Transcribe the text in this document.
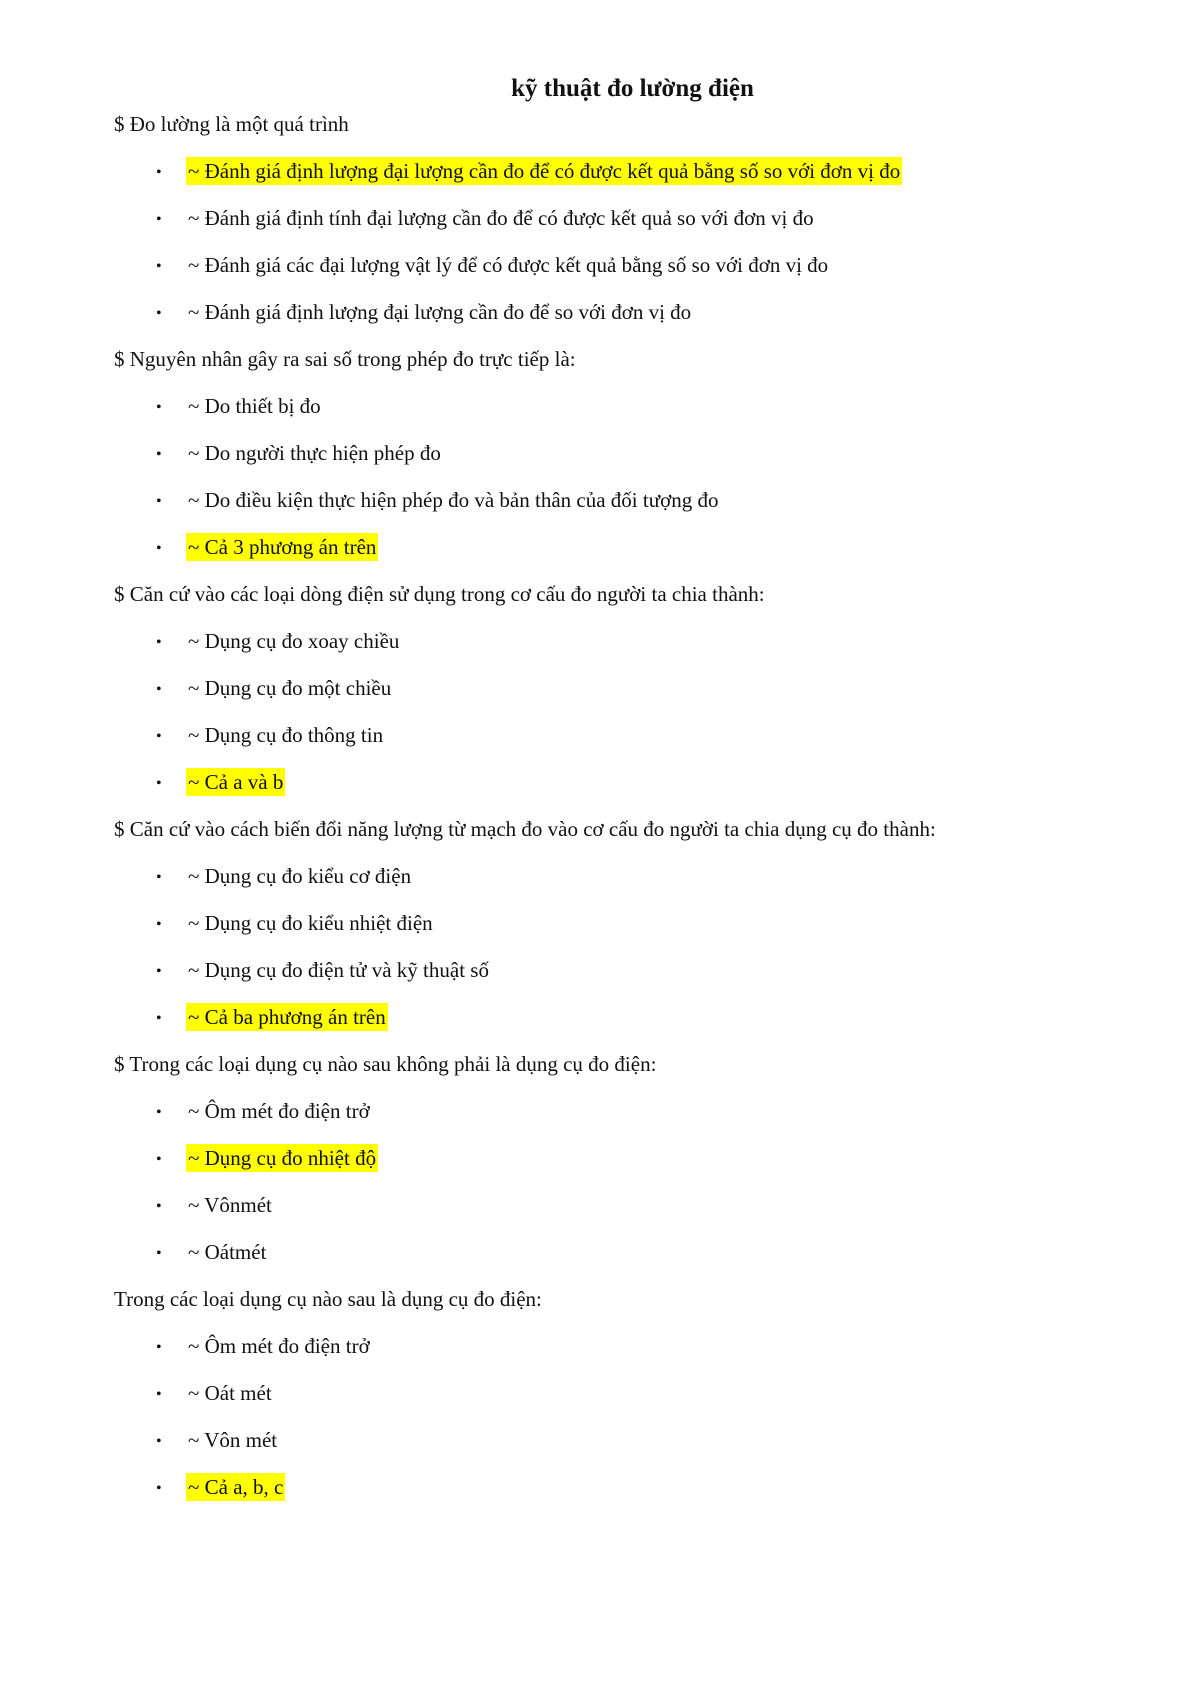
kỹ thuật đo lường điện

$ Đo lường là một quá trình

• ~ Đánh giá định lượng đại lượng cần đo để có được kết quả bằng số so với đơn vị đo
• ~ Đánh giá định tính đại lượng cần đo để có được kết quả so với đơn vị đo
• ~ Đánh giá các đại lượng vật lý để có được kết quả bằng số so với đơn vị đo
• ~ Đánh giá định lượng đại lượng cần đo để so với đơn vị đo

$ Nguyên nhân gây ra sai số trong phép đo trực tiếp là:

• ~ Do thiết bị đo
• ~ Do người thực hiện phép đo
• ~ Do điều kiện thực hiện phép đo và bản thân của đối tượng đo
• ~ Cả 3 phương án trên

$ Căn cứ vào các loại dòng điện sử dụng trong cơ cấu đo người ta chia thành:

• ~ Dụng cụ đo xoay chiều
• ~ Dụng cụ đo một chiều
• ~ Dụng cụ đo thông tin
• ~ Cả a và b

$ Căn cứ vào cách biến đổi năng lượng từ mạch đo vào cơ cấu đo người ta chia dụng cụ đo thành:

• ~ Dụng cụ đo kiểu cơ điện
• ~ Dụng cụ đo kiểu nhiệt điện
• ~ Dụng cụ đo điện tử và kỹ thuật số
• ~ Cả ba phương án trên

$ Trong các loại dụng cụ nào sau không phải là dụng cụ đo điện:

• ~ Ôm mét đo điện trở
• ~ Dụng cụ đo nhiệt độ
• ~ Vônmét
• ~ Oátmét

Trong các loại dụng cụ nào sau là dụng cụ đo điện:

• ~ Ôm mét đo điện trở
• ~ Oát mét
• ~ Vôn mét
• ~ Cả a, b, c
